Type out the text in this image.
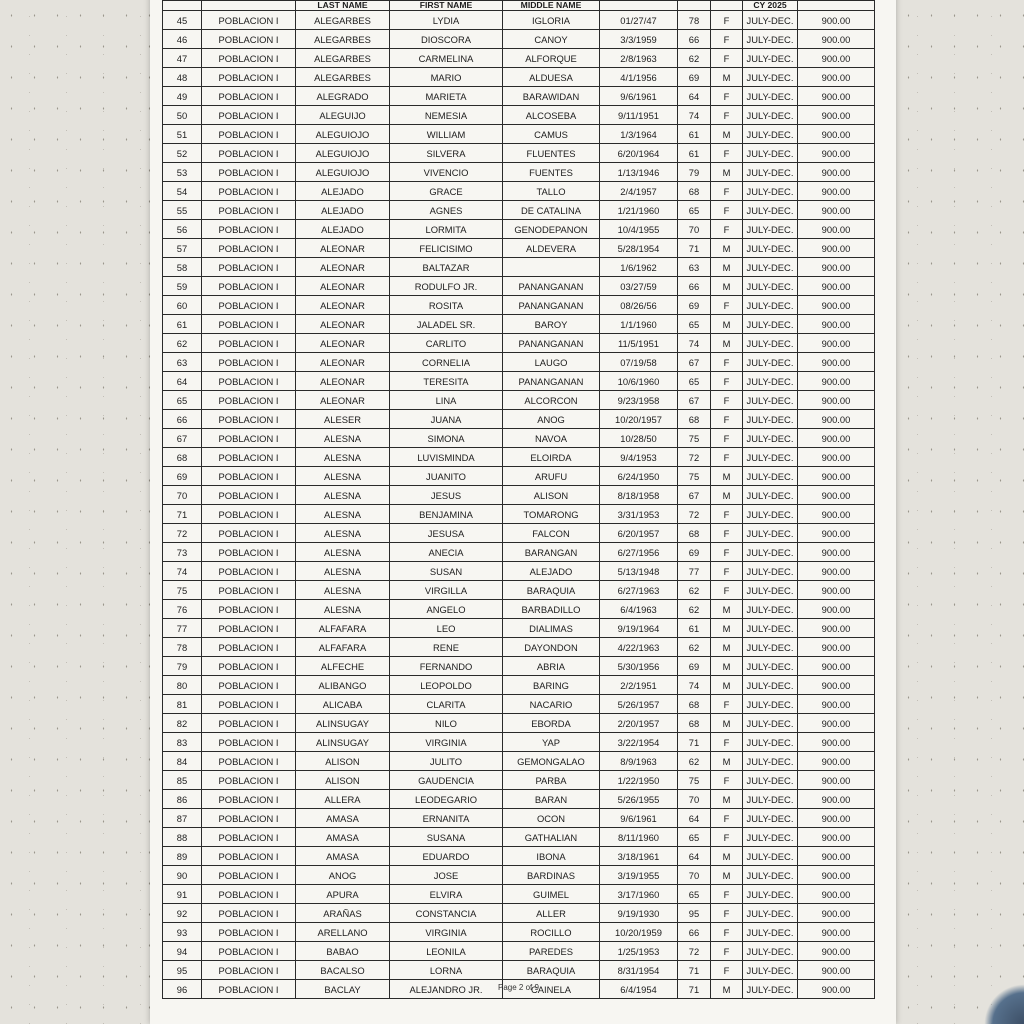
		LAST NAME	FIRST NAME	MIDDLE NAME				CY 2025	
45	POBLACION I	ALEGARBES	LYDIA	IGLORIA	01/27/47	78	F	JULY-DEC.	900.00
46	POBLACION I	ALEGARBES	DIOSCORA	CANOY	3/3/1959	66	F	JULY-DEC.	900.00
47	POBLACION I	ALEGARBES	CARMELINA	ALFORQUE	2/8/1963	62	F	JULY-DEC.	900.00
48	POBLACION I	ALEGARBES	MARIO	ALDUESA	4/1/1956	69	M	JULY-DEC.	900.00
49	POBLACION I	ALEGRADO	MARIETA	BARAWIDAN	9/6/1961	64	F	JULY-DEC.	900.00
50	POBLACION I	ALEGUIJO	NEMESIA	ALCOSEBA	9/11/1951	74	F	JULY-DEC.	900.00
51	POBLACION I	ALEGUIOJO	WILLIAM	CAMUS	1/3/1964	61	M	JULY-DEC.	900.00
52	POBLACION I	ALEGUIOJO	SILVERA	FLUENTES	6/20/1964	61	F	JULY-DEC.	900.00
53	POBLACION I	ALEGUIOJO	VIVENCIO	FUENTES	1/13/1946	79	M	JULY-DEC.	900.00
54	POBLACION I	ALEJADO	GRACE	TALLO	2/4/1957	68	F	JULY-DEC.	900.00
55	POBLACION I	ALEJADO	AGNES	DE CATALINA	1/21/1960	65	F	JULY-DEC.	900.00
56	POBLACION I	ALEJADO	LORMITA	GENODEPANON	10/4/1955	70	F	JULY-DEC.	900.00
57	POBLACION I	ALEONAR	FELICISIMO	ALDEVERA	5/28/1954	71	M	JULY-DEC.	900.00
58	POBLACION I	ALEONAR	BALTAZAR		1/6/1962	63	M	JULY-DEC.	900.00
59	POBLACION I	ALEONAR	RODULFO JR.	PANANGANAN	03/27/59	66	M	JULY-DEC.	900.00
60	POBLACION I	ALEONAR	ROSITA	PANANGANAN	08/26/56	69	F	JULY-DEC.	900.00
61	POBLACION I	ALEONAR	JALADEL SR.	BAROY	1/1/1960	65	M	JULY-DEC.	900.00
62	POBLACION I	ALEONAR	CARLITO	PANANGANAN	11/5/1951	74	M	JULY-DEC.	900.00
63	POBLACION I	ALEONAR	CORNELIA	LAUGO	07/19/58	67	F	JULY-DEC.	900.00
64	POBLACION I	ALEONAR	TERESITA	PANANGANAN	10/6/1960	65	F	JULY-DEC.	900.00
65	POBLACION I	ALEONAR	LINA	ALCORCON	9/23/1958	67	F	JULY-DEC.	900.00
66	POBLACION I	ALESER	JUANA	ANOG	10/20/1957	68	F	JULY-DEC.	900.00
67	POBLACION I	ALESNA	SIMONA	NAVOA	10/28/50	75	F	JULY-DEC.	900.00
68	POBLACION I	ALESNA	LUVISMINDA	ELOIRDA	9/4/1953	72	F	JULY-DEC.	900.00
69	POBLACION I	ALESNA	JUANITO	ARUFU	6/24/1950	75	M	JULY-DEC.	900.00
70	POBLACION I	ALESNA	JESUS	ALISON	8/18/1958	67	M	JULY-DEC.	900.00
71	POBLACION I	ALESNA	BENJAMINA	TOMARONG	3/31/1953	72	F	JULY-DEC.	900.00
72	POBLACION I	ALESNA	JESUSA	FALCON	6/20/1957	68	F	JULY-DEC.	900.00
73	POBLACION I	ALESNA	ANECIA	BARANGAN	6/27/1956	69	F	JULY-DEC.	900.00
74	POBLACION I	ALESNA	SUSAN	ALEJADO	5/13/1948	77	F	JULY-DEC.	900.00
75	POBLACION I	ALESNA	VIRGILLA	BARAQUIA	6/27/1963	62	F	JULY-DEC.	900.00
76	POBLACION I	ALESNA	ANGELO	BARBADILLO	6/4/1963	62	M	JULY-DEC.	900.00
77	POBLACION I	ALFAFARA	LEO	DIALIMAS	9/19/1964	61	M	JULY-DEC.	900.00
78	POBLACION I	ALFAFARA	RENE	DAYONDON	4/22/1963	62	M	JULY-DEC.	900.00
79	POBLACION I	ALFECHE	FERNANDO	ABRIA	5/30/1956	69	M	JULY-DEC.	900.00
80	POBLACION I	ALIBANGO	LEOPOLDO	BARING	2/2/1951	74	M	JULY-DEC.	900.00
81	POBLACION I	ALICABA	CLARITA	NACARIO	5/26/1957	68	F	JULY-DEC.	900.00
82	POBLACION I	ALINSUGAY	NILO	EBORDA	2/20/1957	68	M	JULY-DEC.	900.00
83	POBLACION I	ALINSUGAY	VIRGINIA	YAP	3/22/1954	71	F	JULY-DEC.	900.00
84	POBLACION I	ALISON	JULITO	GEMONGALAO	8/9/1963	62	M	JULY-DEC.	900.00
85	POBLACION I	ALISON	GAUDENCIA	PARBA	1/22/1950	75	F	JULY-DEC.	900.00
86	POBLACION I	ALLERA	LEODEGARIO	BARAN	5/26/1955	70	M	JULY-DEC.	900.00
87	POBLACION I	AMASA	ERNANITA	OCON	9/6/1961	64	F	JULY-DEC.	900.00
88	POBLACION I	AMASA	SUSANA	GATHALIAN	8/11/1960	65	F	JULY-DEC.	900.00
89	POBLACION I	AMASA	EDUARDO	IBONA	3/18/1961	64	M	JULY-DEC.	900.00
90	POBLACION I	ANOG	JOSE	BARDINAS	3/19/1955	70	M	JULY-DEC.	900.00
91	POBLACION I	APURA	ELVIRA	GUIMEL	3/17/1960	65	F	JULY-DEC.	900.00
92	POBLACION I	ARAÑAS	CONSTANCIA	ALLER	9/19/1930	95	F	JULY-DEC.	900.00
93	POBLACION I	ARELLANO	VIRGINIA	ROCILLO	10/20/1959	66	F	JULY-DEC.	900.00
94	POBLACION I	BABAO	LEONILA	PAREDES	1/25/1953	72	F	JULY-DEC.	900.00
95	POBLACION I	BACALSO	LORNA	BARAQUIA	8/31/1954	71	F	JULY-DEC.	900.00
96	POBLACION I	BACLAY	ALEJANDRO JR.	CAINELA	6/4/1954	71	M	JULY-DEC.	900.00
Page 2 of 9
